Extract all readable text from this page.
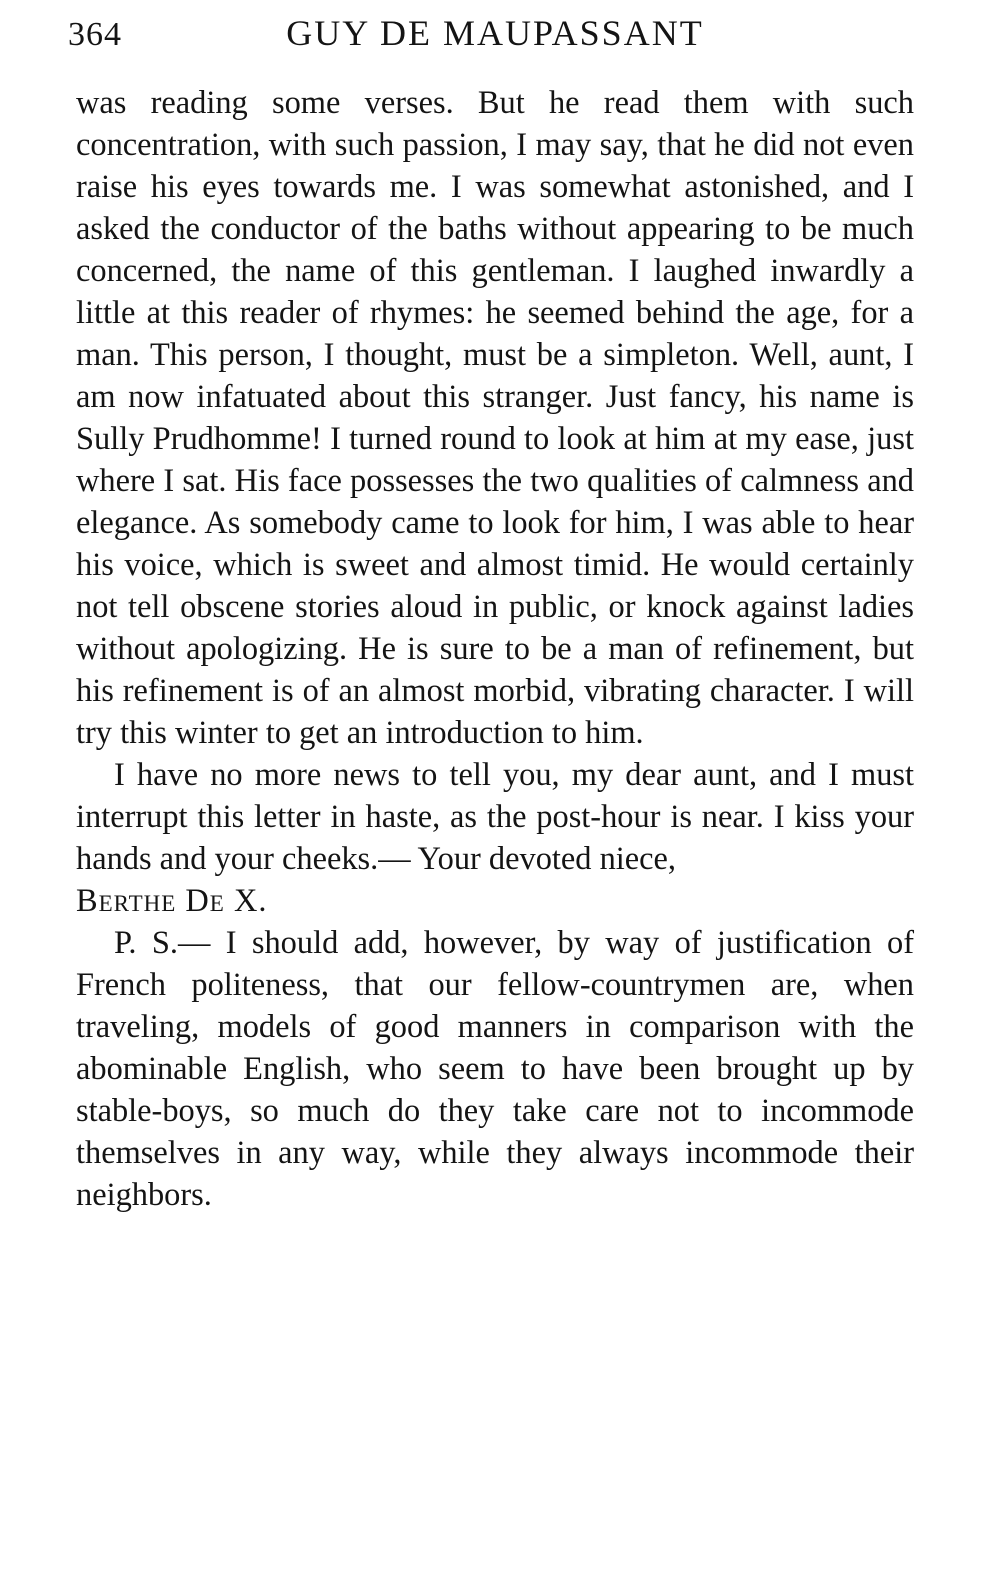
364	GUY DE MAUPASSANT

was reading some verses. But he read them with such concentration, with such passion, I may say, that he did not even raise his eyes towards me. I was somewhat astonished, and I asked the conductor of the baths without appearing to be much concerned, the name of this gentleman. I laughed inwardly a little at this reader of rhymes: he seemed behind the age, for a man. This person, I thought, must be a simpleton. Well, aunt, I am now infatuated about this stranger. Just fancy, his name is Sully Prudhomme! I turned round to look at him at my ease, just where I sat. His face possesses the two qualities of calmness and elegance. As somebody came to look for him, I was able to hear his voice, which is sweet and almost timid. He would certainly not tell obscene stories aloud in public, or knock against ladies without apologizing. He is sure to be a man of refinement, but his refinement is of an almost morbid, vibrating character. I will try this winter to get an introduction to him.

I have no more news to tell you, my dear aunt, and I must interrupt this letter in haste, as the post-hour is near. I kiss your hands and your cheeks.— Your devoted niece,

Berthe De X.

P. S.— I should add, however, by way of justification of French politeness, that our fellow-countrymen are, when traveling, models of good manners in comparison with the abominable English, who seem to have been brought up by stable-boys, so much do they take care not to incommode themselves in any way, while they always incommode their neighbors.
